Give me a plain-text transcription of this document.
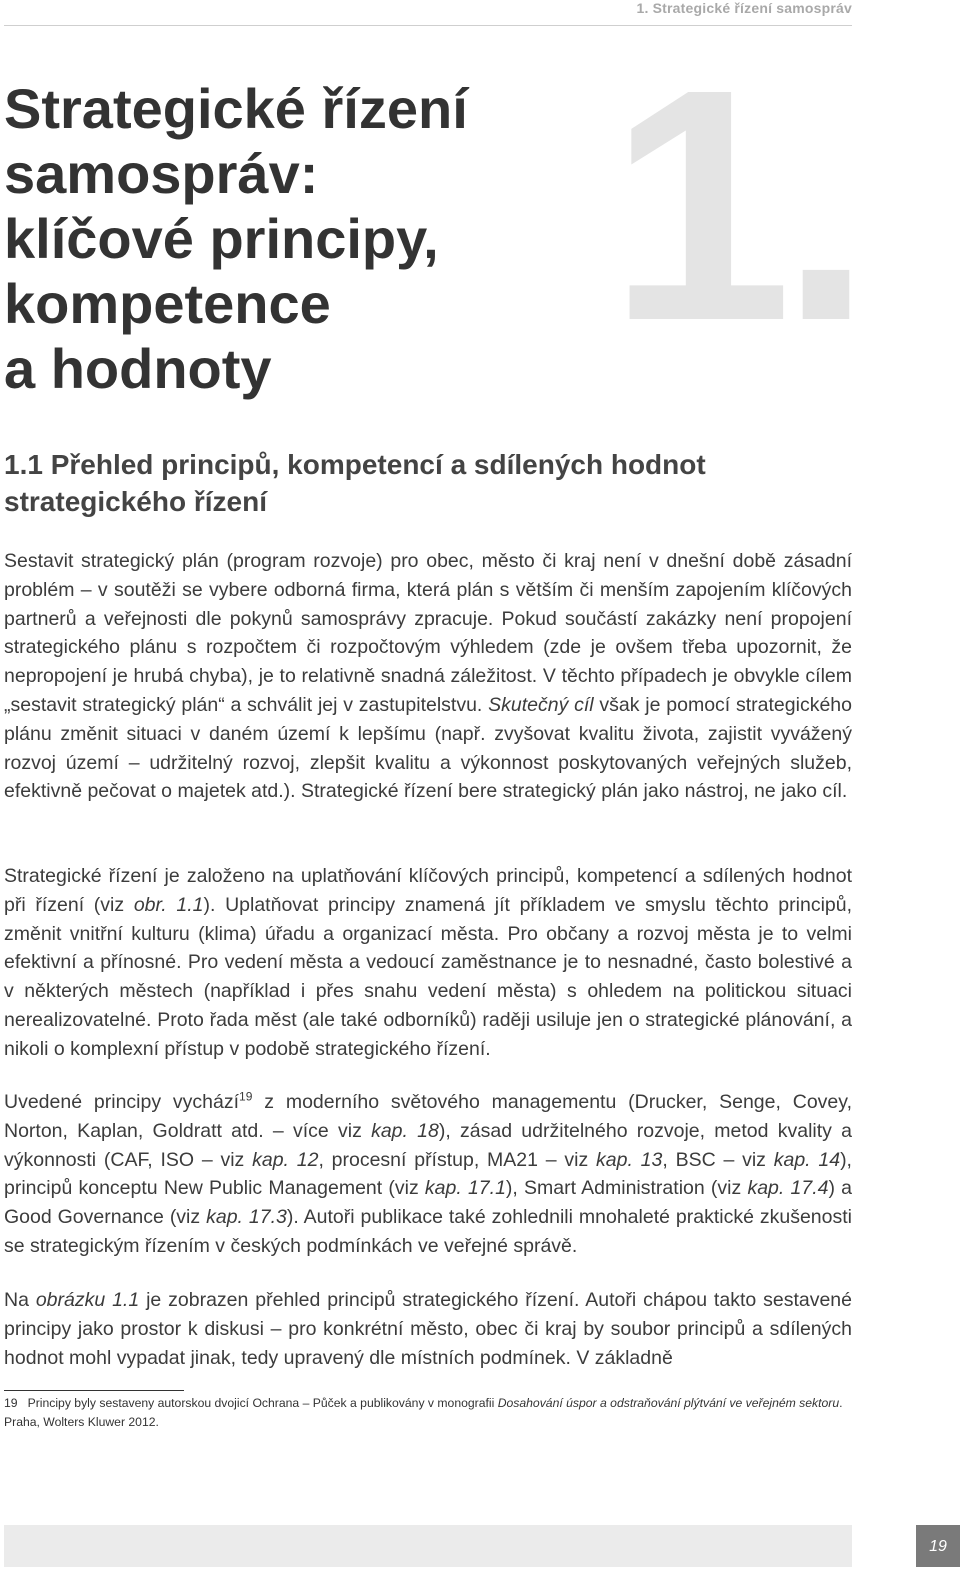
1. Strategické řízení samospráv
1.
Strategické řízení
samospráv:
klíčové principy,
kompetence
a hodnoty
1.1 Přehled principů, kompetencí a sdílených hodnot strategického řízení

Sestavit strategický plán (program rozvoje) pro obec, město či kraj není v dnešní době zásadní problém – v soutěži se vybere odborná firma, která plán s větším či menším zapojením klíčových partnerů a veřejnosti dle pokynů samosprávy zpracuje. Pokud součástí zakázky není propojení strategického plánu s rozpočtem či rozpočtovým výhledem (zde je ovšem třeba upozornit, že nepropojení je hrubá chyba), je to relativně snadná záležitost. V těchto případech je obvykle cílem „sestavit strategický plán“ a schválit jej v zastupitelstvu. Skutečný cíl však je pomocí strategického plánu změnit situaci v daném území k lepšímu (např. zvyšovat kvalitu života, zajistit vyvážený rozvoj území – udržitelný rozvoj, zlepšit kvalitu a výkonnost poskytovaných veřejných služeb, efektivně pečovat o majetek atd.). Strategické řízení bere strategický plán jako nástroj, ne jako cíl.

Strategické řízení je založeno na uplatňování klíčových principů, kompetencí a sdílených hodnot při řízení (viz obr. 1.1). Uplatňovat principy znamená jít příkladem ve smyslu těchto principů, změnit vnitřní kulturu (klima) úřadu a organizací města. Pro občany a rozvoj města je to velmi efektivní a přínosné. Pro vedení města a vedoucí zaměstnance je to nesnadné, často bolestivé a v některých městech (například i přes snahu vedení města) s ohledem na politickou situaci nerealizovatelné. Proto řada měst (ale také odborníků) raději usiluje jen o strategické plánování, a nikoli o komplexní přístup v podobě strategického řízení.

Uvedené principy vychází$^{19}$ z moderního světového managementu (Drucker, Senge, Covey, Norton, Kaplan, Goldratt atd. – více viz kap. 18), zásad udržitelného rozvoje, metod kvality a výkonnosti (CAF, ISO – viz kap. 12, procesní přístup, MA21 – viz kap. 13, BSC – viz kap. 14), principů konceptu New Public Management (viz kap. 17.1), Smart Administration (viz kap. 17.4) a Good Governance (viz kap. 17.3). Autoři publikace také zohlednili mnohaleté praktické zkušenosti se strategickým řízením v českých podmínkách ve veřejné správě.

Na obrázku 1.1 je zobrazen přehled principů strategického řízení. Autoři chápou takto sestavené principy jako prostor k diskusi – pro konkrétní město, obec či kraj by soubor principů a sdílených hodnot mohl vypadat jinak, tedy upravený dle místních podmínek. V základně

19 Principy byly sestaveny autorskou dvojicí Ochrana – Půček a publikovány v monografii Dosahování úspor a odstraňování plýtvání ve veřejném sektoru. Praha, Wolters Kluwer 2012.
19
